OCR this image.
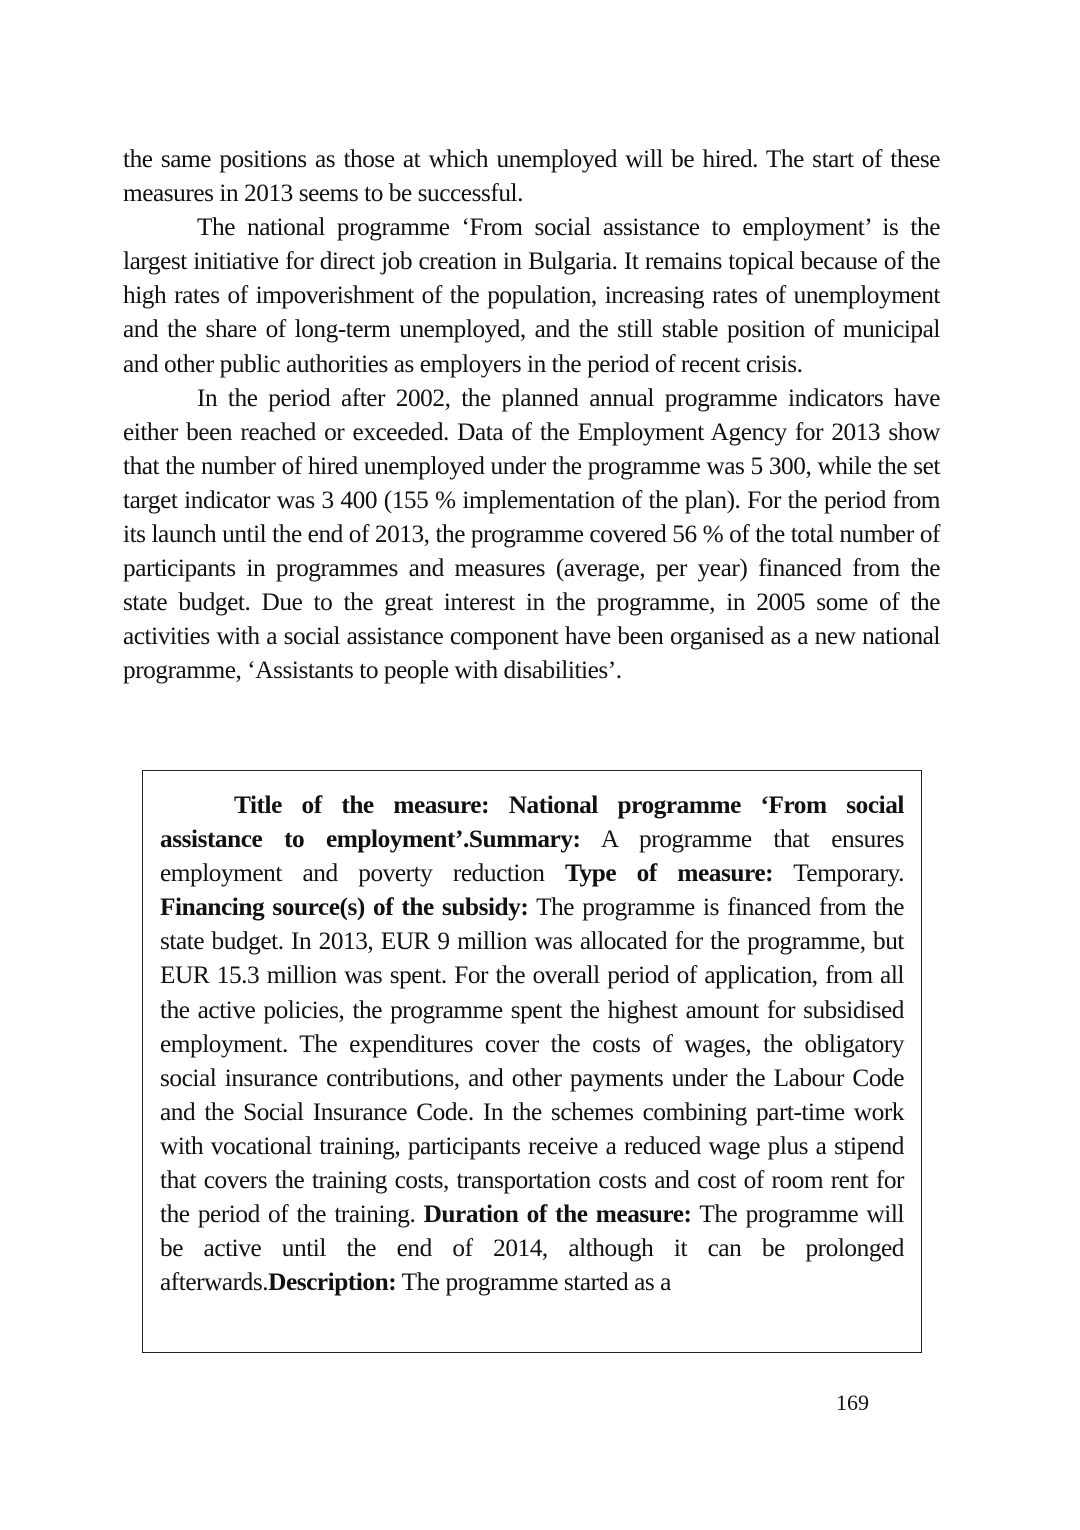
the same positions as those at which unemployed will be hired. The start of these measures in 2013 seems to be successful.

The national programme ‘From social assistance to employment’ is the largest initiative for direct job creation in Bulgaria. It remains topical because of the high rates of impoverishment of the population, increasing rates of unemployment and the share of long-term unemployed, and the still stable position of municipal and other public authorities as employers in the period of recent crisis.

In the period after 2002, the planned annual programme indicators have either been reached or exceeded. Data of the Employment Agency for 2013 show that the number of hired unemployed under the programme was 5 300, while the set target indicator was 3 400 (155 % implementation of the plan). For the period from its launch until the end of 2013, the programme covered 56 % of the total number of participants in programmes and measures (average, per year) financed from the state budget. Due to the great interest in the programme, in 2005 some of the activities with a social assistance component have been organised as a new national programme, ‘Assistants to people with disabilities’.

Title of the measure: National programme ‘From social assistance to employment’.Summary: A programme that ensures employment and poverty reduction Type of measure: Temporary. Financing source(s) of the subsidy: The programme is financed from the state budget. In 2013, EUR 9 million was allocated for the programme, but EUR 15.3 million was spent. For the overall period of application, from all the active policies, the programme spent the highest amount for subsidised employment. The expenditures cover the costs of wages, the obligatory social insurance contributions, and other payments under the Labour Code and the Social Insurance Code. In the schemes combining part-time work with vocational training, participants receive a reduced wage plus a stipend that covers the training costs, transportation costs and cost of room rent for the period of the training. Duration of the measure: The programme will be active until the end of 2014, although it can be prolonged afterwards.Description: The programme started as a

169
